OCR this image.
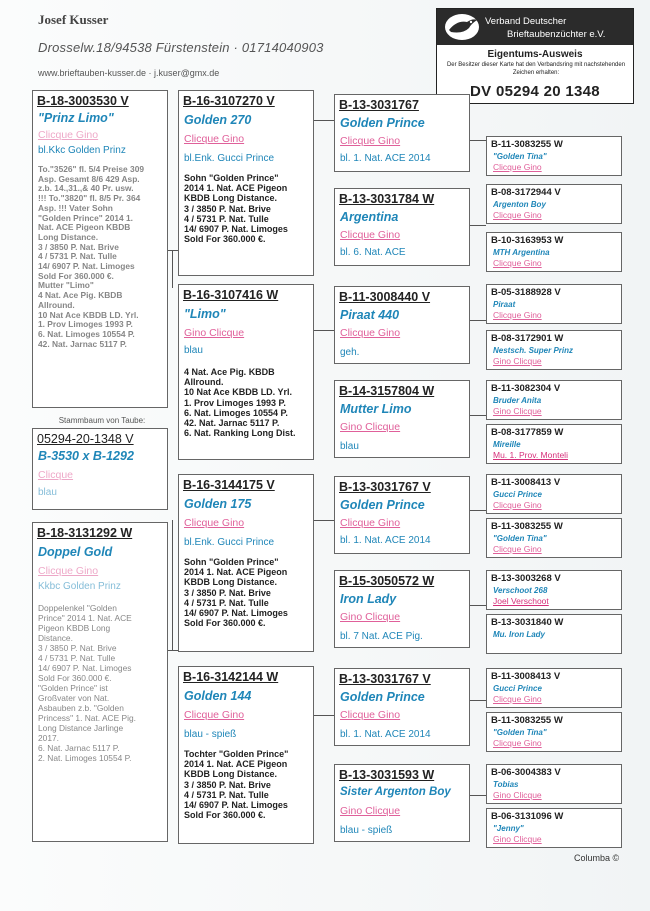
Josef Kusser
Drosselw.18/94538 Fürstenstein · 01714040903
www.brieftauben-kusser.de · j.kuser@gmx.de
Verband Deutscher
Brieftaubenzüchter e.V.
Eigentums-Ausweis
Der Besitzer dieser Karte hat den Verbandsring mit nachstehenden Zeichen erhalten:
DV 05294 20 1348
B-18-3003530 V
"Prinz Limo"
Clicque Gino
bl.Kkc Golden Prinz
To."3526" fl. 5/4 Preise 309
Asp. Gesamt 8/6 429 Asp.
z.b. 14.,31.,& 40 Pr. usw.
!!! To."3820" fl. 8/5 Pr. 364
Asp. !!! Vater Sohn
"Golden Prince" 2014 1.
Nat. ACE Pigeon KBDB
Long Distance.
3 / 3850 P. Nat. Brive
4 / 5731 P. Nat. Tulle
14/ 6907 P. Nat. Limoges
Sold For 360.000 €.
Mutter "Limo"
4 Nat. Ace Pig. KBDB
Allround.
10 Nat Ace KBDB LD. Yrl.
1. Prov Limoges 1993 P.
6. Nat. Limoges 10554 P.
42. Nat. Jarnac 5117 P.
Stammbaum von Taube:
05294-20-1348 V
B-3530 x B-1292
Clicque
blau
B-18-3131292 W
Doppel Gold
Clicque Gino
Kkbc Golden Prinz
Doppelenkel "Golden
Prince" 2014 1. Nat. ACE
Pigeon KBDB Long
Distance.
3 / 3850 P. Nat. Brive
4 / 5731 P. Nat. Tulle
14/ 6907 P. Nat. Limoges
Sold For 360.000 €.
"Golden Prince" ist
Großvater von Nat.
Asbauben z.b. "Golden
Princess" 1. Nat. ACE Pig.
Long Distance Jarlinge
2017.
6. Nat. Jarnac 5117 P.
2. Nat. Limoges 10554 P.
B-16-3107270 V
Golden 270
Clicque Gino
bl.Enk. Gucci Prince
Sohn "Golden Prince"
2014 1. Nat. ACE Pigeon
KBDB Long Distance.
3 / 3850 P. Nat. Brive
4 / 5731 P. Nat. Tulle
14/ 6907 P. Nat. Limoges
Sold For 360.000 €.
B-16-3107416 W
"Limo"
Gino Clicque
blau
4 Nat. Ace Pig. KBDB
Allround.
10 Nat Ace KBDB LD. Yrl.
1. Prov Limoges 1993 P.
6. Nat. Limoges 10554 P.
42. Nat. Jarnac 5117 P.
6. Nat. Ranking Long Dist.
B-16-3144175 V
Golden 175
Clicque Gino
bl.Enk. Gucci Prince
Sohn "Golden Prince"
2014 1. Nat. ACE Pigeon
KBDB Long Distance.
3 / 3850 P. Nat. Brive
4 / 5731 P. Nat. Tulle
14/ 6907 P. Nat. Limoges
Sold For 360.000 €.
B-16-3142144 W
Golden 144
Clicque Gino
blau - spieß
Tochter "Golden Prince"
2014 1. Nat. ACE Pigeon
KBDB Long Distance.
3 / 3850 P. Nat. Brive
4 / 5731 P. Nat. Tulle
14/ 6907 P. Nat. Limoges
Sold For 360.000 €.
B-13-3031767
Golden Prince
Clicque Gino
bl. 1. Nat. ACE 2014
B-13-3031784 W
Argentina
Clicque Gino
bl. 6. Nat. ACE
B-11-3008440 V
Piraat 440
Clicque Gino
geh.
B-14-3157804 W
Mutter Limo
Gino Clicque
blau
B-13-3031767 V
Golden Prince
Clicque Gino
bl. 1. Nat. ACE 2014
B-15-3050572 W
Iron Lady
Gino Clicque
bl. 7 Nat. ACE Pig.
B-13-3031767 V
Golden Prince
Clicque Gino
bl. 1. Nat. ACE 2014
B-13-3031593 W
Sister Argenton Boy
Gino Clicque
blau - spieß
B-11-3083255 W
"Golden Tina"
Clicque Gino
B-08-3172944 V
Argenton Boy
Clicque Gino
B-10-3163953 W
MTH Argentina
Clicque Gino
B-05-3188928 V
Piraat
Clicque Gino
B-08-3172901 W
Nestsch. Super Prinz
Gino Clicque
B-11-3082304 V
Bruder Anita
Gino Clicque
B-08-3177859 W
Mireille
Mu. 1. Prov. Monteli
B-11-3008413 V
Gucci Prince
Clicque Gino
B-11-3083255 W
"Golden Tina"
Clicque Gino
B-13-3003268 V
Verschoot 268
Joel Verschoot
B-13-3031840 W
Mu. Iron Lady
B-11-3008413 V
Gucci Prince
Clicque Gino
B-11-3083255 W
"Golden Tina"
Clicque Gino
B-06-3004383 V
Tobias
Gino Clicque
B-06-3131096 W
"Jenny"
Gino Clicque
Columba ©
